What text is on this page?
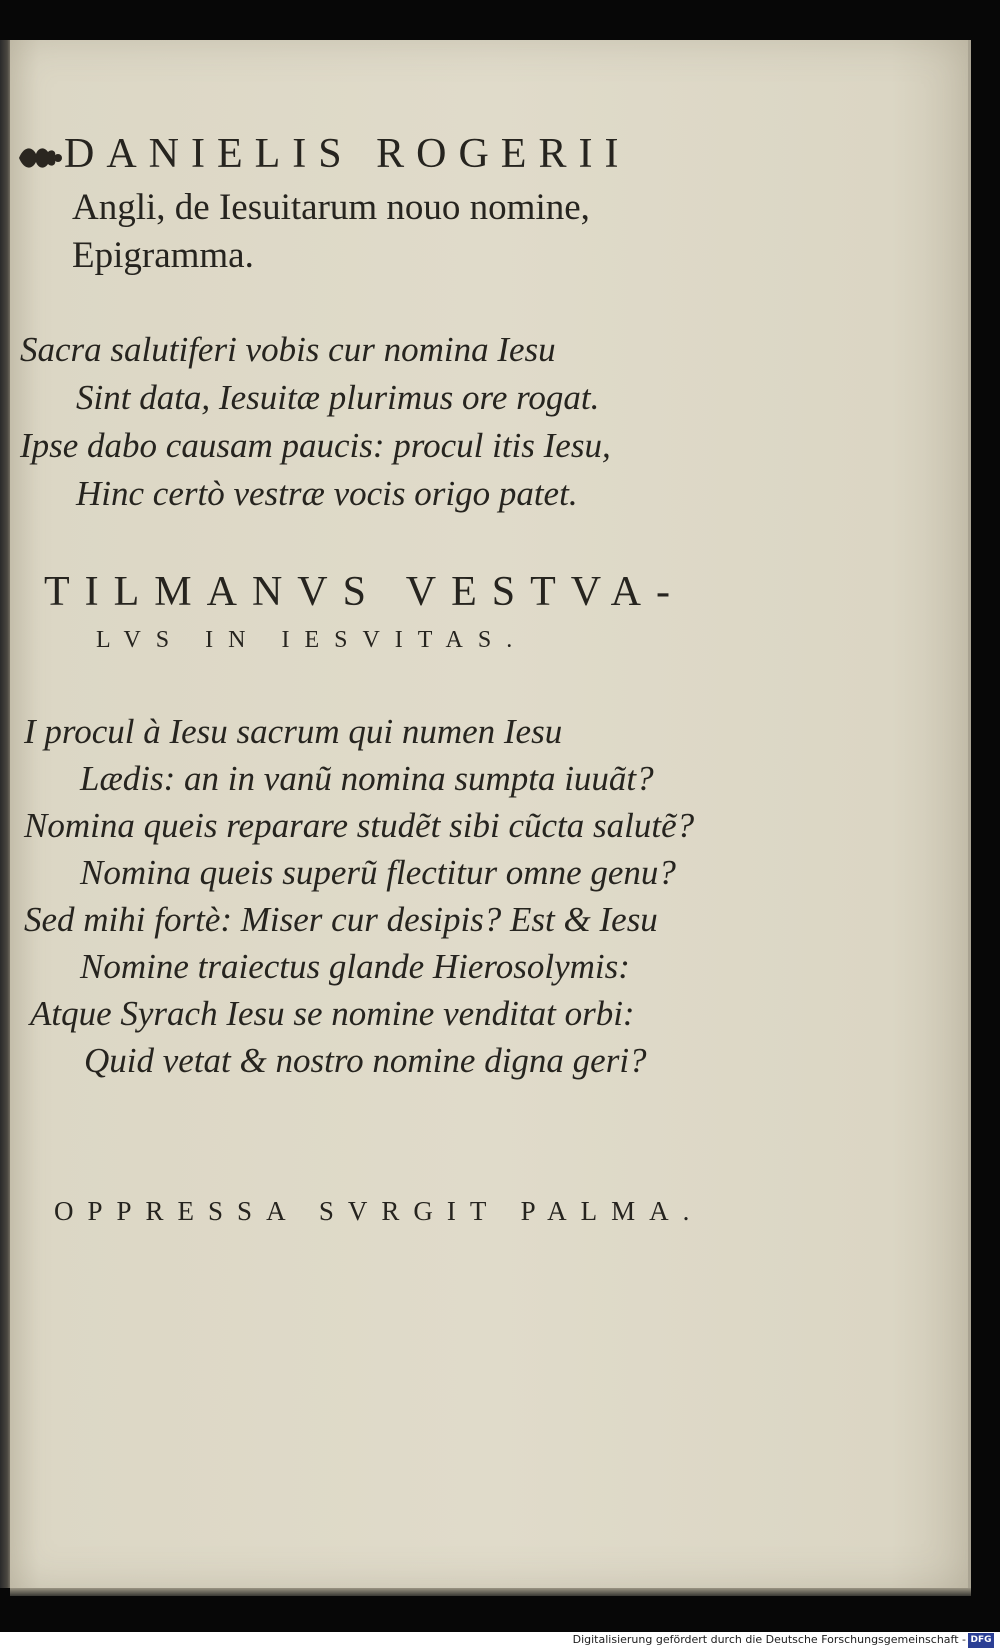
DANIELIS ROGERII
Angli, de Iesuitarum nouo nomine,
Epigramma.
Sacra salutiferi vobis cur nomina Iesu
Sint data, Iesuitæ plurimus ore rogat.
Ipse dabo causam paucis: procul itis Iesu,
Hinc certò vestræ vocis origo patet.
TILMANVS VESTVA-
LVS IN IESVITAS.
I procul à Iesu sacrum qui numen Iesu
Lædis: an in vanũ nomina sumpta iuuãt?
Nomina queis reparare studẽt sibi cũcta salutẽ?
Nomina queis superũ flectitur omne genu?
Sed mihi fortè: Miser cur desipis? Est & Iesu
Nomine traiectus glande Hierosolymis:
Atque Syrach Iesu se nomine venditat orbi:
Quid vetat & nostro nomine digna geri?
OPPRESSA SVRGIT PALMA.
Digitalisierung gefördert durch die Deutsche Forschungsgemeinschaft - DFG
